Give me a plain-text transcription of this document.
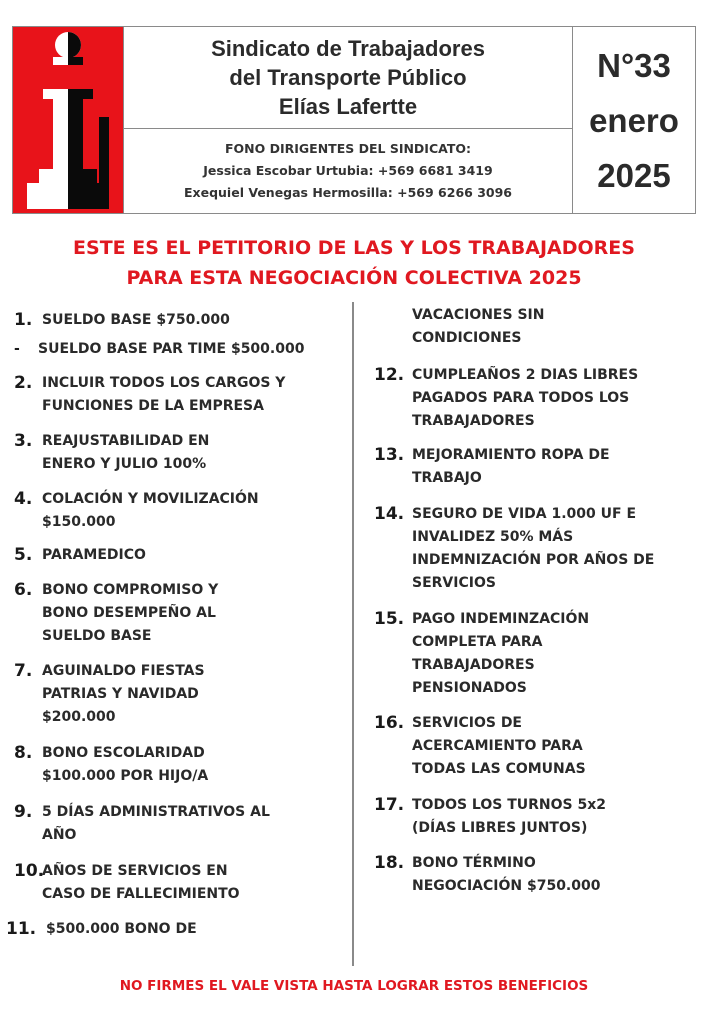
Sindicato de Trabajadores
del Transporte Público
Elías Lafertte
FONO DIRIGENTES DEL SINDICATO:
Jessica Escobar Urtubia: +569 6681 3419
Exequiel Venegas Hermosilla: +569 6266 3096
N°33
enero
2025
ESTE ES EL PETITORIO DE LAS Y LOS TRABAJADORES
PARA ESTA NEGOCIACIÓN COLECTIVA 2025
1. SUELDO BASE $750.000
-	SUELDO BASE PAR TIME $500.000
2. INCLUIR TODOS LOS CARGOS Y
FUNCIONES DE LA EMPRESA
3. REAJUSTABILIDAD EN
ENERO Y JULIO 100%
4. COLACIÓN Y MOVILIZACIÓN
$150.000
5. PARAMEDICO
6. BONO COMPROMISO Y
BONO DESEMPEÑO AL
SUELDO BASE
7. AGUINALDO FIESTAS
PATRIAS Y NAVIDAD
$200.000
8. BONO ESCOLARIDAD
$100.000 POR HIJO/A
9. 5 DÍAS ADMINISTRATIVOS AL
AÑO
10.
AÑOS DE SERVICIOS EN
CASO DE FALLECIMIENTO
11. $500.000 BONO DE
VACACIONES SIN
CONDICIONES
12. CUMPLEAÑOS 2 DIAS LIBRES
PAGADOS PARA TODOS LOS
TRABAJADORES
13. MEJORAMIENTO ROPA DE
TRABAJO
14. SEGURO DE VIDA 1.000 UF E
INVALIDEZ 50% MÁS
INDEMNIZACIÓN POR AÑOS DE
SERVICIOS
15. PAGO INDEMINZACIÓN
COMPLETA PARA
TRABAJADORES
PENSIONADOS
16. SERVICIOS DE
ACERCAMIENTO PARA
TODAS LAS COMUNAS
17. TODOS LOS TURNOS 5x2
(DÍAS LIBRES JUNTOS)
18. BONO TÉRMINO
NEGOCIACIÓN $750.000
NO FIRMES EL VALE VISTA HASTA LOGRAR ESTOS BENEFICIOS
